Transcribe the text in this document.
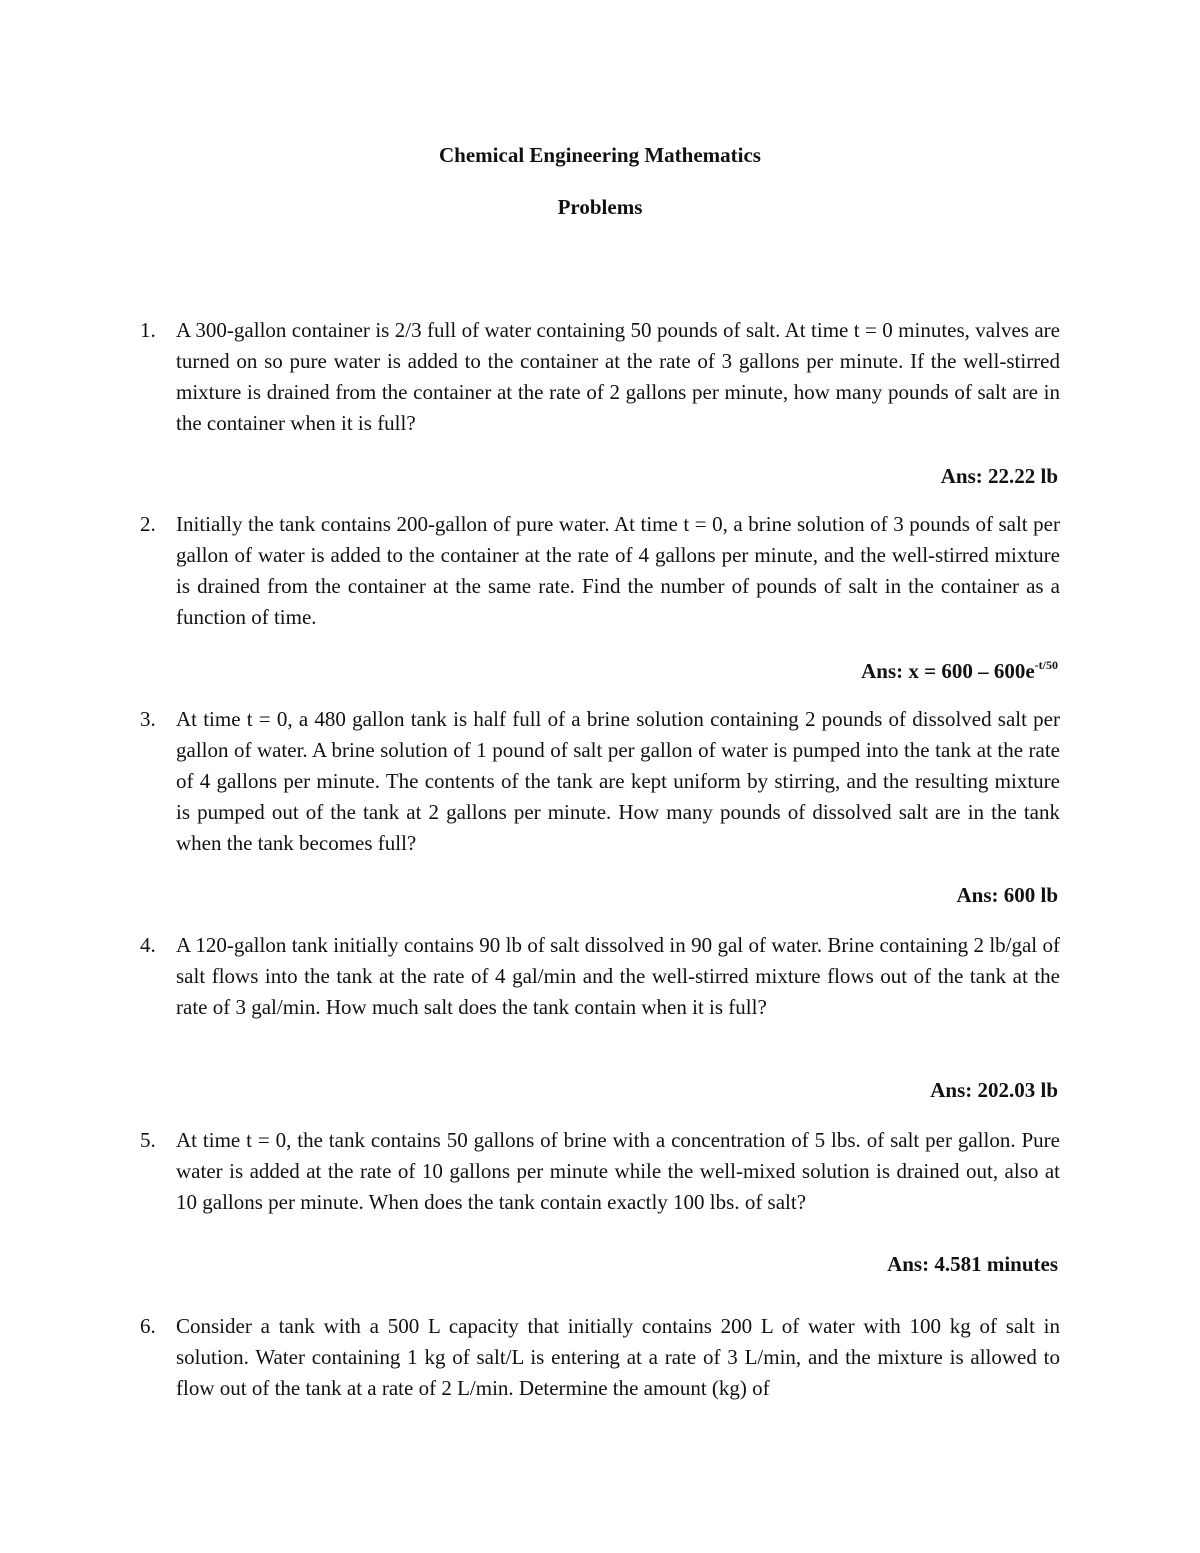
Chemical Engineering Mathematics
Problems
1. A 300-gallon container is 2/3 full of water containing 50 pounds of salt. At time t = 0 minutes, valves are turned on so pure water is added to the container at the rate of 3 gallons per minute. If the well-stirred mixture is drained from the container at the rate of 2 gallons per minute, how many pounds of salt are in the container when it is full?
Ans: 22.22 lb
2. Initially the tank contains 200-gallon of pure water. At time t = 0, a brine solution of 3 pounds of salt per gallon of water is added to the container at the rate of 4 gallons per minute, and the well-stirred mixture is drained from the container at the same rate. Find the number of pounds of salt in the container as a function of time.
Ans: $x = 600 - 600e^{-t/50}$
3. At time t = 0, a 480 gallon tank is half full of a brine solution containing 2 pounds of dissolved salt per gallon of water. A brine solution of 1 pound of salt per gallon of water is pumped into the tank at the rate of 4 gallons per minute. The contents of the tank are kept uniform by stirring, and the resulting mixture is pumped out of the tank at 2 gallons per minute. How many pounds of dissolved salt are in the tank when the tank becomes full?
Ans: 600 lb
4. A 120-gallon tank initially contains 90 lb of salt dissolved in 90 gal of water. Brine containing 2 lb/gal of salt flows into the tank at the rate of 4 gal/min and the well-stirred mixture flows out of the tank at the rate of 3 gal/min. How much salt does the tank contain when it is full?
Ans: 202.03 lb
5. At time t = 0, the tank contains 50 gallons of brine with a concentration of 5 lbs. of salt per gallon. Pure water is added at the rate of 10 gallons per minute while the well-mixed solution is drained out, also at 10 gallons per minute. When does the tank contain exactly 100 lbs. of salt?
Ans: 4.581 minutes
6. Consider a tank with a 500 L capacity that initially contains 200 L of water with 100 kg of salt in solution. Water containing 1 kg of salt/L is entering at a rate of 3 L/min, and the mixture is allowed to flow out of the tank at a rate of 2 L/min. Determine the amount (kg) of
